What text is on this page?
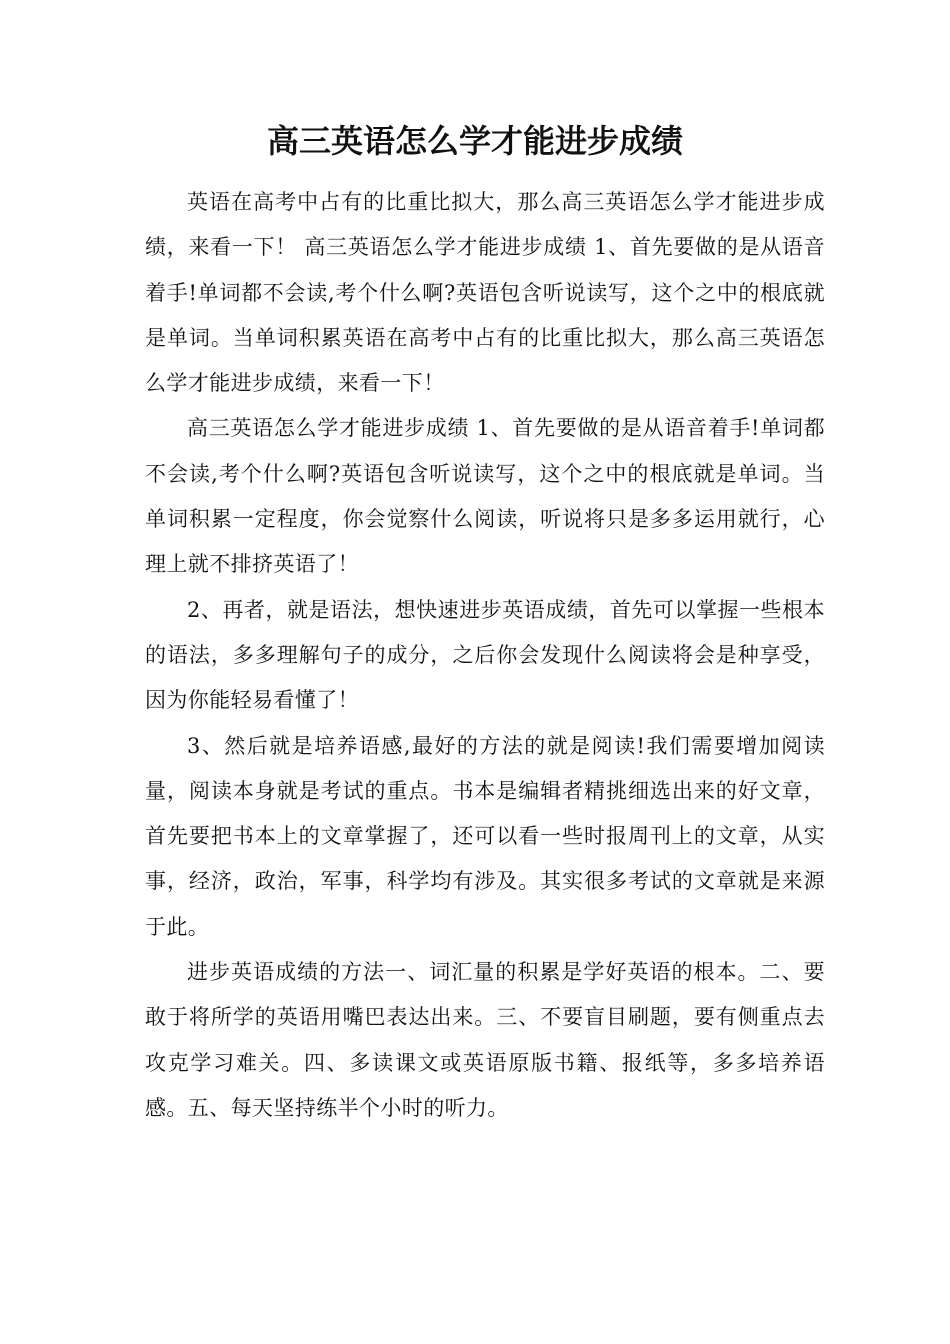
高三英语怎么学才能进步成绩

英语在高考中占有的比重比拟大，那么高三英语怎么学才能进步成绩，来看一下！ 高三英语怎么学才能进步成绩 1、首先要做的是从语音着手!单词都不会读,考个什么啊?英语包含听说读写，这个之中的根底就是单词。当单词积累英语在高考中占有的比重比拟大，那么高三英语怎么学才能进步成绩，来看一下！

高三英语怎么学才能进步成绩 1、首先要做的是从语音着手!单词都不会读,考个什么啊?英语包含听说读写，这个之中的根底就是单词。当单词积累一定程度，你会觉察什么阅读，听说将只是多多运用就行，心理上就不排挤英语了！

2、再者，就是语法，想快速进步英语成绩，首先可以掌握一些根本的语法，多多理解句子的成分，之后你会发现什么阅读将会是种享受，因为你能轻易看懂了！

3、然后就是培养语感,最好的方法的就是阅读!我们需要增加阅读量，阅读本身就是考试的重点。书本是编辑者精挑细选出来的好文章，首先要把书本上的文章掌握了，还可以看一些时报周刊上的文章，从实事，经济，政治，军事，科学均有涉及。其实很多考试的文章就是来源于此。

进步英语成绩的方法一、词汇量的积累是学好英语的根本。二、要敢于将所学的英语用嘴巴表达出来。三、不要盲目刷题，要有侧重点去攻克学习难关。四、多读课文或英语原版书籍、报纸等，多多培养语感。五、每天坚持练半个小时的听力。
